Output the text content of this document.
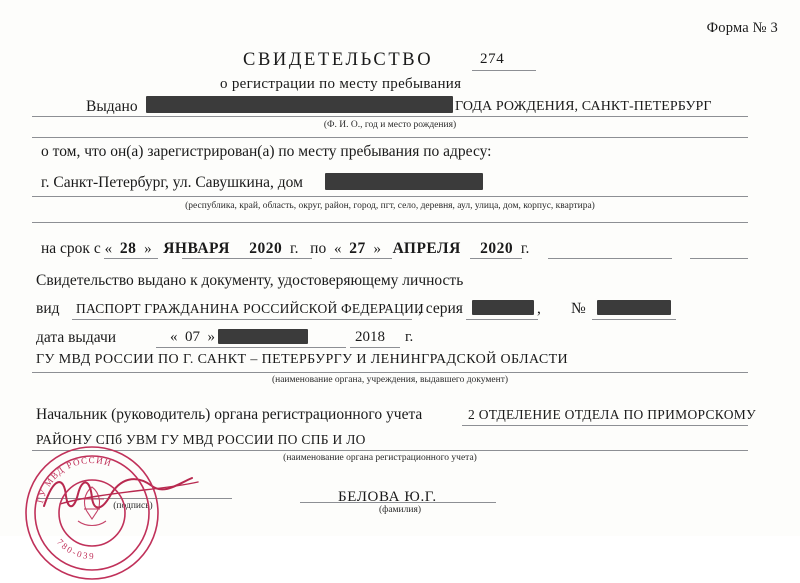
Форма № 3
СВИДЕТЕЛЬСТВО	274
о регистрации по месту пребывания
Выдано	ГОДА РОЖДЕНИЯ, САНКТ-ПЕТЕРБУРГ
(Ф. И. О., год и место рождения)
о том, что он(а) зарегистрирован(а) по месту пребывания по адресу:
г. Санкт-Петербург, ул. Савушкина, дом
(республика, край, область, округ, район, город, пгт, село, деревня, аул, улица, дом, корпус, квартира)
на срок с « 28 » ЯНВАРЯ 2020 г. по « 27 » АПРЕЛЯ 2020 г.
Свидетельство выдано к документу, удостоверяющему личность
вид ПАСПОРТ ГРАЖДАНИНА РОССИЙСКОЙ ФЕДЕРАЦИИ
, серия	, №
дата выдачи	« 07 »	2018 г.
ГУ МВД РОССИИ ПО Г. САНКТ – ПЕТЕРБУРГУ И ЛЕНИНГРАДСКОЙ ОБЛАСТИ
(наименование органа, учреждения, выдавшего документ)
Начальник (руководитель) органа регистрационного учета	2 ОТДЕЛЕНИЕ ОТДЕЛА ПО ПРИМОРСКОМУ
РАЙОНУ СПб УВМ ГУ МВД РОССИИ ПО СПБ И ЛО
(наименование органа регистрационного учета)
(подпись)
БЕЛОВА Ю.Г.
(фамилия)
ГУ МВД РОССИИ
780-039
